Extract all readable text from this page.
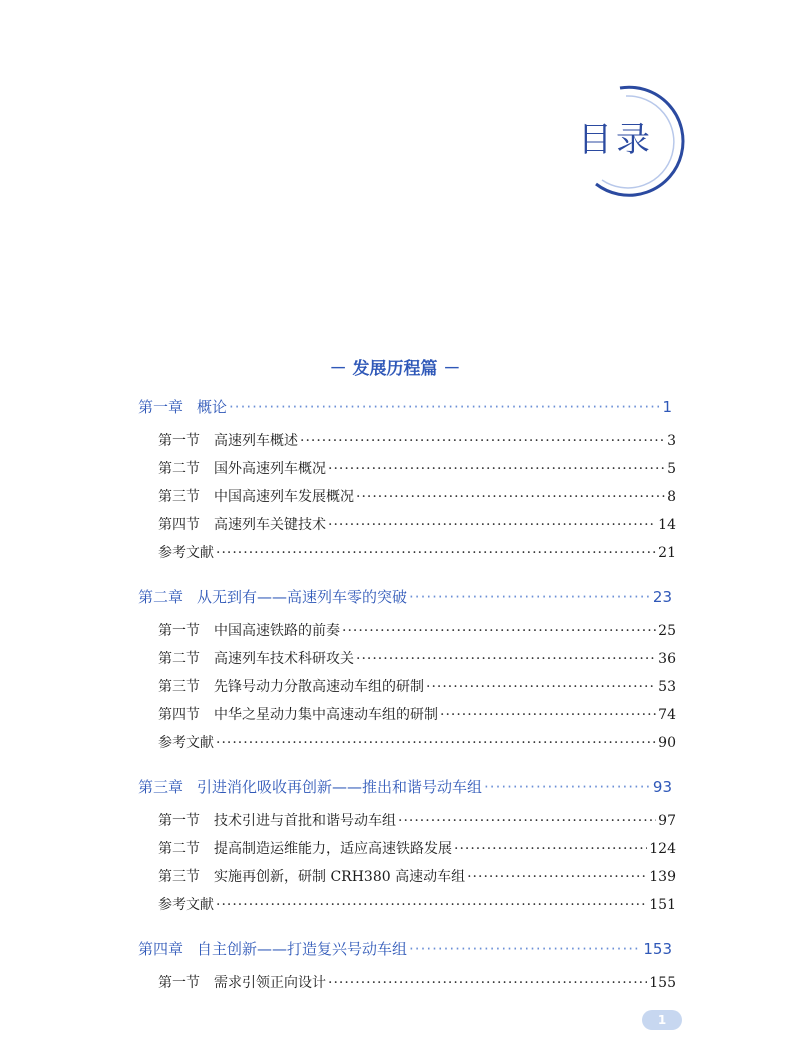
目录
－ 发展历程篇 －
第一章 概论 ·····	1
第一节 高速列车概述 ·····	3
第二节 国外高速列车概况 ·····	5
第三节 中国高速列车发展概况 ·····	8
第四节 高速列车关键技术 ·····	14
参考文献 ·····	21
第二章 从无到有——高速列车零的突破 ·····	23
第一节 中国高速铁路的前奏 ·····	25
第二节 高速列车技术科研攻关 ·····	36
第三节 先锋号动力分散高速动车组的研制 ·····	53
第四节 中华之星动力集中高速动车组的研制 ·····	74
参考文献 ·····	90
第三章 引进消化吸收再创新——推出和谐号动车组 ·····	93
第一节 技术引进与首批和谐号动车组 ·····	97
第二节 提高制造运维能力，适应高速铁路发展 ·····	124
第三节 实施再创新，研制 CRH380 高速动车组 ·····	139
参考文献 ·····	151
第四章 自主创新——打造复兴号动车组 ·····	153
第一节 需求引领正向设计 ·····	155
1
